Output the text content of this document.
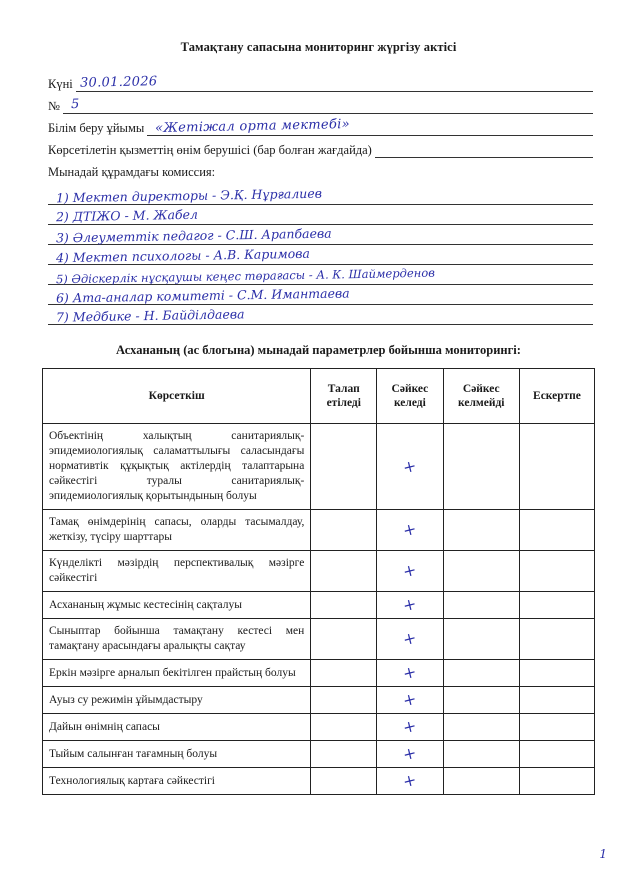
Тамақтану сапасына мониторинг жүргізу актісі
Күні 30.01.2026
№ 5
Білім беру ұйымы «Жетіжал орта мектебі»
Көрсетілетін қызметтің өнім берушісі (бар болған жағдайда)
Мынадай құрамдағы комиссия:
1) Мектеп директоры - Э.Қ. Нұрғалиев
2) ДТІЖО - М. Жабел
3) Әлеуметтік педагог - С.Ш. Арапбаева
4) Мектеп психологы - А.В. Каримова
5) Әдіскерлік нұсқаушы кеңес төрағасы - А. К. Шаймерденов
6) Ата-аналар комитеті - С.М. Имантаева
7) Медбике - Н. Байділдаева
Асхананың (ас блогына) мынадай параметрлер бойынша мониторингі:
Көрсеткіш	Талап етіледі	Сәйкес келеді	Сәйкес келмейді	Ескертпе
Объектінің халықтың санитариялық-эпидемиологиялық саламаттылығы саласындағы нормативтік құқықтық актілердің талаптарына сәйкестігі туралы санитариялық-эпидемиологиялық қорытындының болуы		+		
Тамақ өнімдерінің сапасы, оларды тасымалдау, жеткізу, түсіру шарттары		+		
Күнделікті мәзірдің перспективалық мәзірге сәйкестігі		+		
Асхананың жұмыс кестесінің сақталуы		+		
Сыныптар бойынша тамақтану кестесі мен тамақтану арасындағы аралықты сақтау		+		
Еркін мәзірге арналып бекітілген прайстың болуы		+		
Ауыз су режимін ұйымдастыру		+		
Дайын өнімнің сапасы		+		
Тыйым салынған тағамның болуы		+		
Технологиялық картаға сәйкестігі		+		
1
